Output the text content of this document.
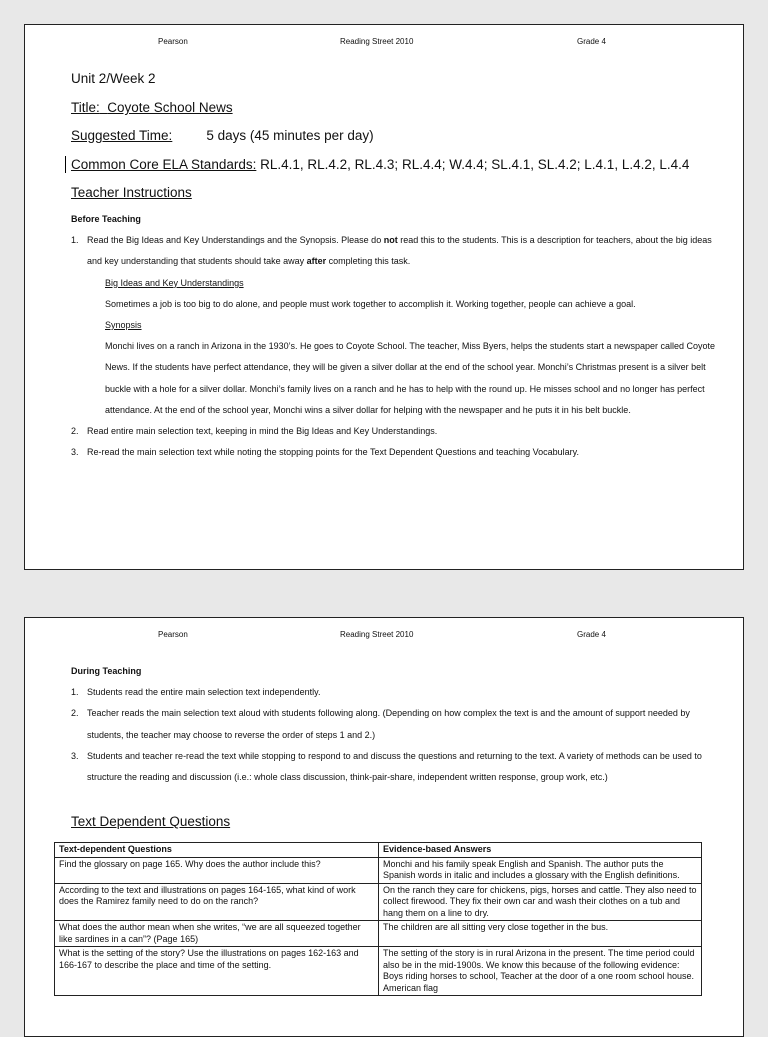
Pearson	Reading Street 2010	Grade 4

Unit 2/Week 2

Title: Coyote School News

Suggested Time:	5 days (45 minutes per day)

Common Core ELA Standards: RL.4.1, RL.4.2, RL.4.3; RL.4.4; W.4.4; SL.4.1, SL.4.2; L.4.1, L.4.2, L.4.4

Teacher Instructions

Before Teaching

1. Read the Big Ideas and Key Understandings and the Synopsis. Please do not read this to the students. This is a description for teachers, about the big ideas and key understanding that students should take away after completing this task.

Big Ideas and Key Understandings

Sometimes a job is too big to do alone, and people must work together to accomplish it. Working together, people can achieve a goal.

Synopsis

Monchi lives on a ranch in Arizona in the 1930’s. He goes to Coyote School. The teacher, Miss Byers, helps the students start a newspaper called Coyote News. If the students have perfect attendance, they will be given a silver dollar at the end of the school year. Monchi’s Christmas present is a silver belt buckle with a hole for a silver dollar. Monchi’s family lives on a ranch and he has to help with the round up. He misses school and no longer has perfect attendance. At the end of the school year, Monchi wins a silver dollar for helping with the newspaper and he puts it in his belt buckle.

2. Read entire main selection text, keeping in mind the Big Ideas and Key Understandings.
3. Re-read the main selection text while noting the stopping points for the Text Dependent Questions and teaching Vocabulary.
Pearson	Reading Street 2010	Grade 4

During Teaching

1. Students read the entire main selection text independently.
2. Teacher reads the main selection text aloud with students following along. (Depending on how complex the text is and the amount of support needed by students, the teacher may choose to reverse the order of steps 1 and 2.)
3. Students and teacher re-read the text while stopping to respond to and discuss the questions and returning to the text. A variety of methods can be used to structure the reading and discussion (i.e.: whole class discussion, think-pair-share, independent written response, group work, etc.)

Text Dependent Questions

Text-dependent Questions	Evidence-based Answers
Find the glossary on page 165. Why does the author include this?	Monchi and his family speak English and Spanish. The author puts the Spanish words in italic and includes a glossary with the English definitions.
According to the text and illustrations on pages 164-165, what kind of work does the Ramirez family need to do on the ranch?	On the ranch they care for chickens, pigs, horses and cattle. They also need to collect firewood. They fix their own car and wash their clothes on a tub and hang them on a line to dry.
What does the author mean when she writes, “we are all squeezed together like sardines in a can”? (Page 165)	The children are all sitting very close together in the bus.
What is the setting of the story? Use the illustrations on pages 162-163 and 166-167 to describe the place and time of the setting.	The setting of the story is in rural Arizona in the present. The time period could also be in the mid-1900s. We know this because of the following evidence: Boys riding horses to school, Teacher at the door of a one room school house. American flag
